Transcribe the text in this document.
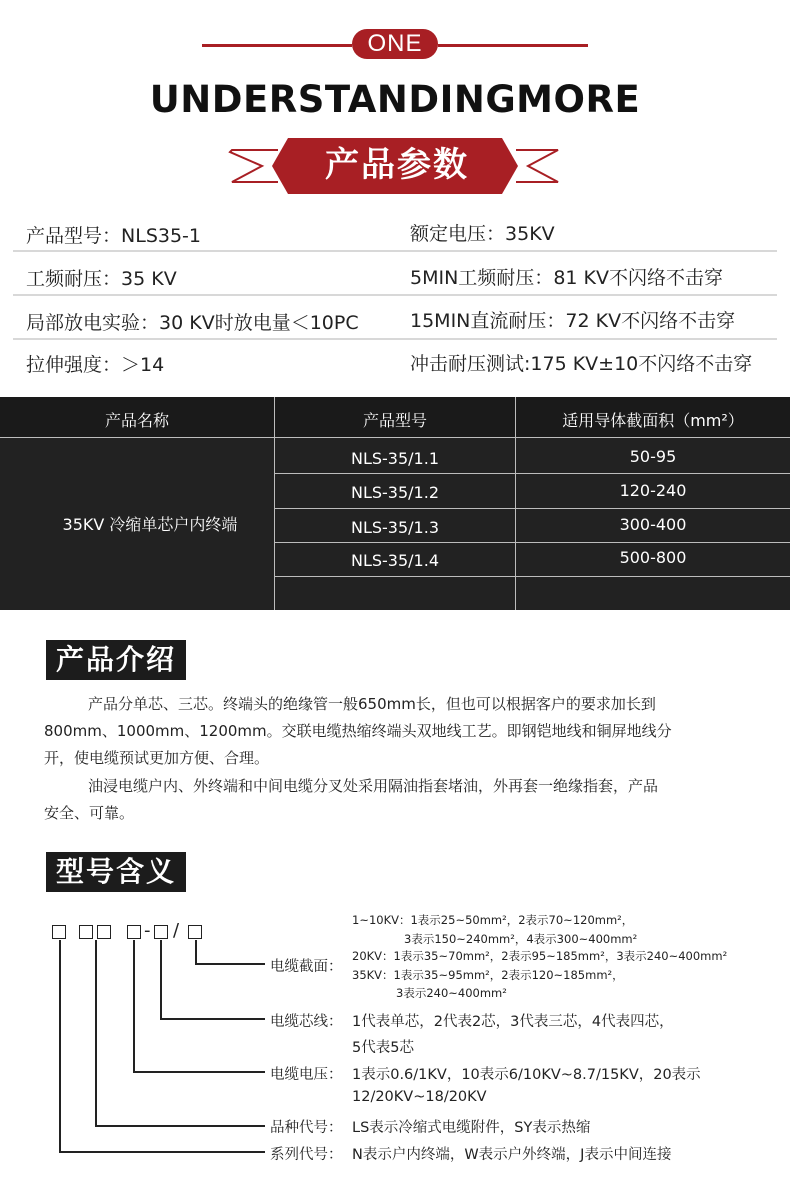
ONE
UNDERSTANDINGMORE
产品参数
产品型号：NLS35-1	额定电压：35KV
工频耐压：35 KV	5MIN工频耐压：81 KV不闪络不击穿
局部放电实验：30 KV时放电量＜10PC	15MIN直流耐压：72 KV不闪络不击穿
拉伸强度：＞14	冲击耐压测试:175 KV±10不闪络不击穿
产品名称	产品型号	适用导体截面积（mm²）
35KV 冷缩单芯户内终端
NLS-35/1.1	50-95
NLS-35/1.2	120-240
NLS-35/1.3	300-400
NLS-35/1.4	500-800
产品介绍
产品分单芯、三芯。终端头的绝缘管一般650mm长，但也可以根据客户的要求加长到
800mm、1000mm、1200mm。交联电缆热缩终端头双地线工艺。即钢铠地线和铜屏地线分
开，使电缆预试更加方便、合理。
油浸电缆户内、外终端和中间电缆分叉处采用隔油指套堵油，外再套一绝缘指套，产品
安全、可靠。
型号含义
- /	1~10KV：1表示25~50mm²，2表示70~120mm²，
3表示150~240mm²，4表示300~400mm²
电缆截面：
20KV：1表示35~70mm²，2表示95~185mm²，3表示240~400mm²
35KV：1表示35~95mm²，2表示120~185mm²，
3表示240~400mm²
电缆芯线： 1代表单芯，2代表2芯，3代表三芯，4代表四芯，
5代表5芯
电缆电压： 1表示0.6/1KV，10表示6/10KV~8.7/15KV，20表示
12/20KV~18/20KV
品种代号： LS表示冷缩式电缆附件，SY表示热缩
系列代号： N表示户内终端，W表示户外终端，J表示中间连接
